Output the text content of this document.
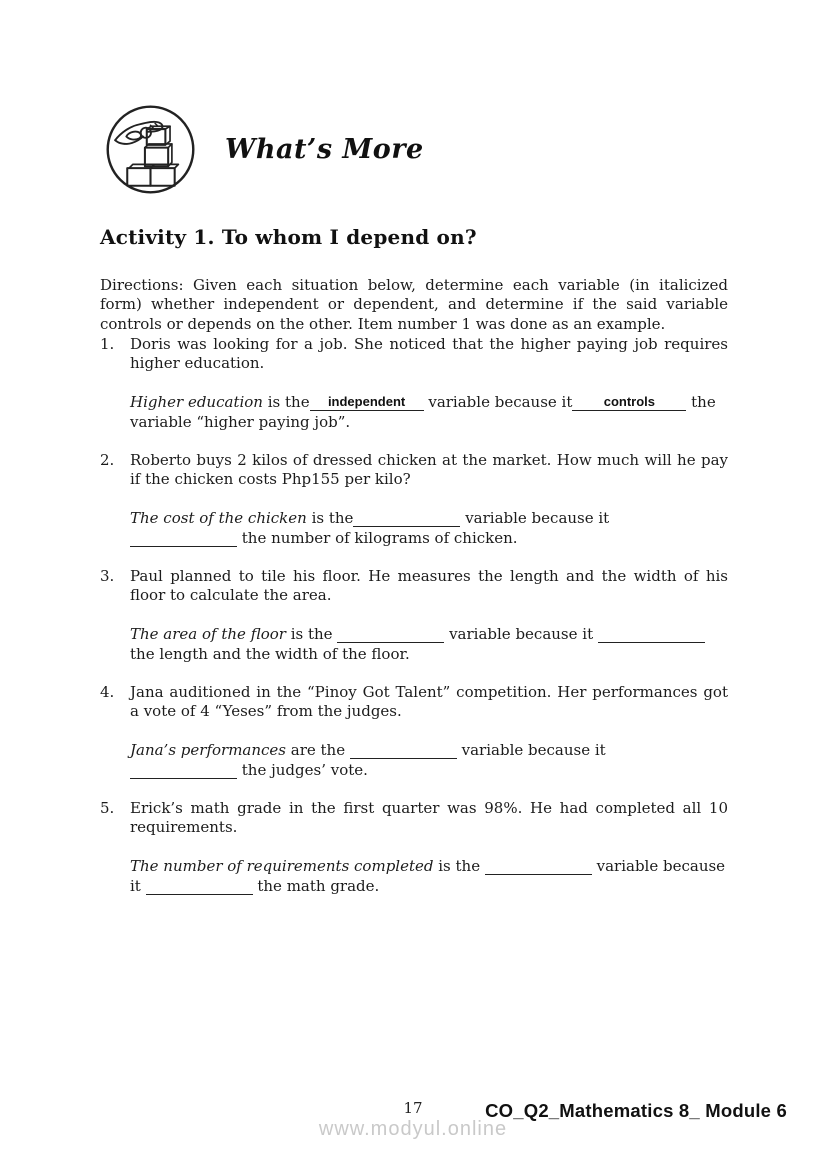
What’s More
Activity 1. To whom I depend on?

Directions: Given each situation below, determine each variable (in italicized form) whether independent or dependent, and determine if the said variable controls or depends on the other. Item number 1 was done as an example.

1. Doris was looking for a job. She noticed that the higher paying job requires higher education.

Higher education is the independent variable because it controls the
variable “higher paying job”.

2. Roberto buys 2 kilos of dressed chicken at the market. How much will he pay if the chicken costs Php155 per kilo?

The cost of the chicken is the	variable because it
the number of kilograms of chicken.

3. Paul planned to tile his floor. He measures the length and the width of his floor to calculate the area.

The area of the floor is the	variable because it
the length and the width of the floor.

4. Jana auditioned in the “Pinoy Got Talent” competition. Her performances got a vote of 4 “Yeses” from the judges.

Jana’s performances are the	variable because it
the judges’ vote.

5. Erick’s math grade in the first quarter was 98%. He had completed all 10 requirements.

The number of requirements completed is the	variable because
it	the math grade.

17
www.modyul.online
CO_Q2_Mathematics 8_ Module 6
